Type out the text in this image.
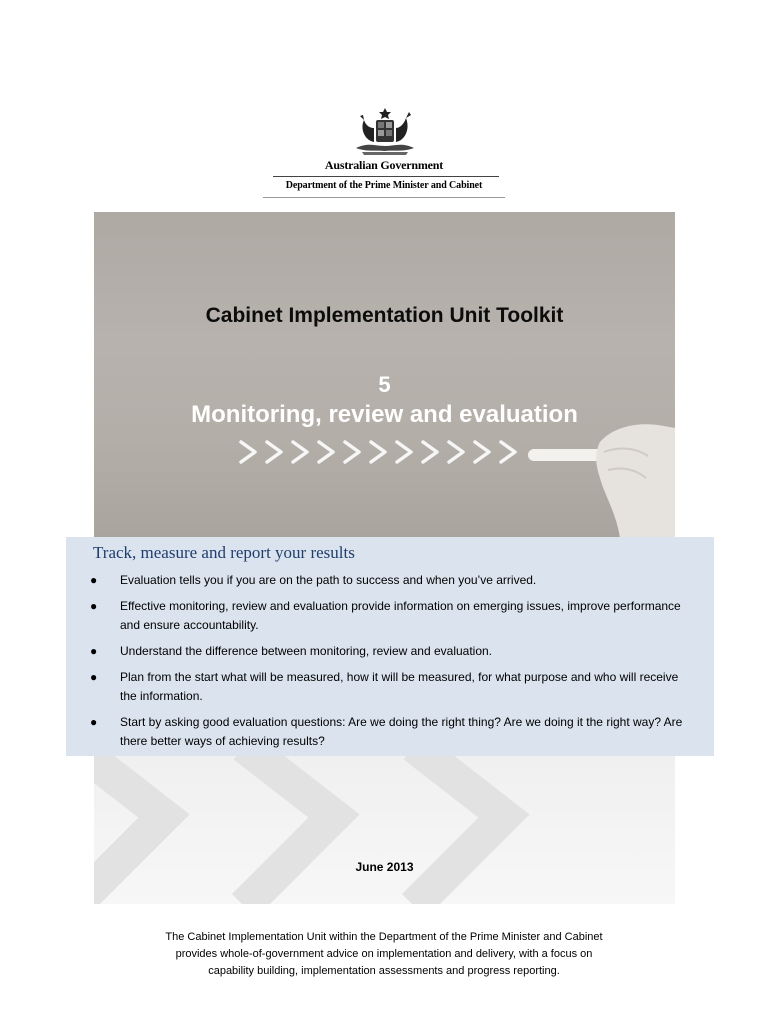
Australian Government
Department of the Prime Minister and Cabinet
Cabinet Implementation Unit Toolkit
5
Monitoring, review and evaluation
Track, measure and report your results
● Evaluation tells you if you are on the path to success and when you’ve arrived.
● Effective monitoring, review and evaluation provide information on emerging issues, improve performance and ensure accountability.
● Understand the difference between monitoring, review and evaluation.
● Plan from the start what will be measured, how it will be measured, for what purpose and who will receive the information.
● Start by asking good evaluation questions: Are we doing the right thing? Are we doing it the right way? Are there better ways of achieving results?
June 2013
The Cabinet Implementation Unit within the Department of the Prime Minister and Cabinet
provides whole-of-government advice on implementation and delivery, with a focus on
capability building, implementation assessments and progress reporting.
